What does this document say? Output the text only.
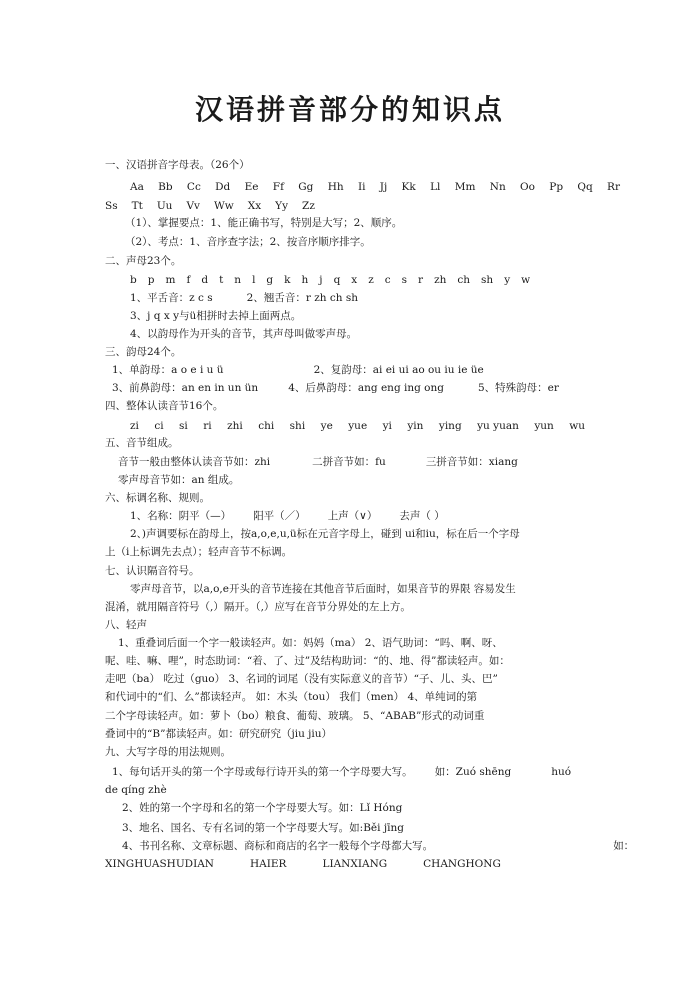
汉语拼音部分的知识点
一、汉语拼音字母表。（26个）
Aa Bb Cc Dd Ee Ff Gg Hh Ii Jj Kk Ll Mm Nn Oo Pp Qq Rr
Ss Tt Uu Vv Ww Xx Yy Zz
（1）、掌握要点：1、能正确书写，特别是大写；2、顺序。
（2）、考点：1、音序查字法；2、按音序顺序排字。
二、声母23个。
b p m f d t n l g k h j q x z c s r zh ch sh y w
1、平舌音：z c s	2、翘舌音：r zh ch sh
3、j q x y与ü相拼时去掉上面两点。
4、以韵母作为开头的音节，其声母叫做零声母。
三、韵母24个。
1、单韵母：a o e i u ü	2、复韵母：ai ei ui ao ou iu ie üe
3、前鼻韵母：an en in un ün	4、后鼻韵母：ang eng ing ong	5、特殊韵母：er
四、整体认读音节16个。
zi ci si ri zhi chi shi ye yue yi yin ying yu yuan yun wu
五、音节组成。
音节一般由整体认读音节如：zhi	二拼音节如：fu	三拼音节如：xiang
零声母音节如：an 组成。
六、标调名称、规则。
1、名称：阴平（—） 阳平（／） 上声（∨） 去声（ ）
2、)声调要标在韵母上，按a,o,e,u,ü标在元音字母上，碰到 ui和iu，标在后一个字母
上（i上标调先去点）；轻声音节不标调。
七、认识隔音符号。
零声母音节，以a,o,e开头的音节连接在其他音节后面时，如果音节的界限 容易发生
混淆，就用隔音符号（,）隔开。（,）应写在音节分界处的左上方。
八、轻声
1、重叠词后面一个字一般读轻声。如：妈妈（ma） 2、语气助词：“吗、啊、呀、
呢、哇、嘛、哩”，时态助词：“着、了、过”及结构助词：“的、地、得”都读轻声。如：
走吧（ba） 吃过（guo） 3、名词的词尾（没有实际意义的音节）“子、儿、头、巴”
和代词中的“们、么”都读轻声。 如：木头（tou） 我们（men） 4、单纯词的第
二个字母读轻声。如：萝卜（bo）粮食、葡萄、玻璃。 5、“ABAB”形式的动词重
叠词中的“B”都读轻声。如：研究研究（jiu jiu）
九、大写字母的用法规则。
1、每句话开头的第一个字母或每行诗开头的第一个字母要大写。 如：Zuó shēng	huó
de qíng zhè
2、姓的第一个字母和名的第一个字母要大写。如：Lǐ Hóng
3、地名、国名、专有名词的第一个字母要大写。如:Běi jīng
4、书刊名称、文章标题、商标和商店的名字一般每个字母都大写。	如：
XINGHUASHUDIAN	HAIER	LIANXIANG	CHANGHONG
